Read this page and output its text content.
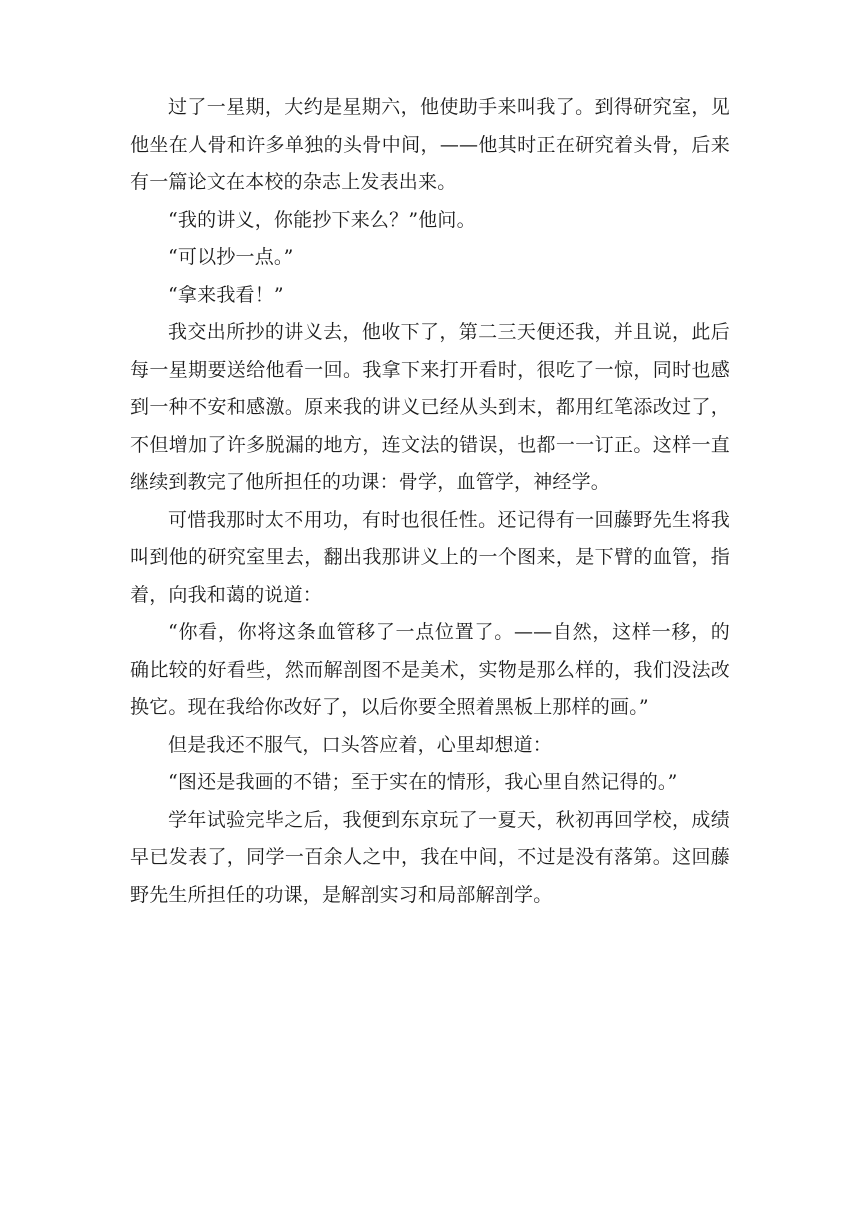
过了一星期，大约是星期六，他使助手来叫我了。到得研究室，见他坐在人骨和许多单独的头骨中间，——他其时正在研究着头骨，后来有一篇论文在本校的杂志上发表出来。

“我的讲义，你能抄下来么？”他问。

“可以抄一点。”

“拿来我看！”

我交出所抄的讲义去，他收下了，第二三天便还我，并且说，此后每一星期要送给他看一回。我拿下来打开看时，很吃了一惊，同时也感到一种不安和感激。原来我的讲义已经从头到末，都用红笔添改过了，不但增加了许多脱漏的地方，连文法的错误，也都一一订正。这样一直继续到教完了他所担任的功课：骨学，血管学，神经学。

可惜我那时太不用功，有时也很任性。还记得有一回藤野先生将我叫到他的研究室里去，翻出我那讲义上的一个图来，是下臂的血管，指着，向我和蔼的说道：

“你看，你将这条血管移了一点位置了。——自然，这样一移，的确比较的好看些，然而解剖图不是美术，实物是那么样的，我们没法改换它。现在我给你改好了，以后你要全照着黑板上那样的画。”

但是我还不服气，口头答应着，心里却想道：

“图还是我画的不错；至于实在的情形，我心里自然记得的。”

学年试验完毕之后，我便到东京玩了一夏天，秋初再回学校，成绩早已发表了，同学一百余人之中，我在中间，不过是没有落第。这回藤野先生所担任的功课，是解剖实习和局部解剖学。
